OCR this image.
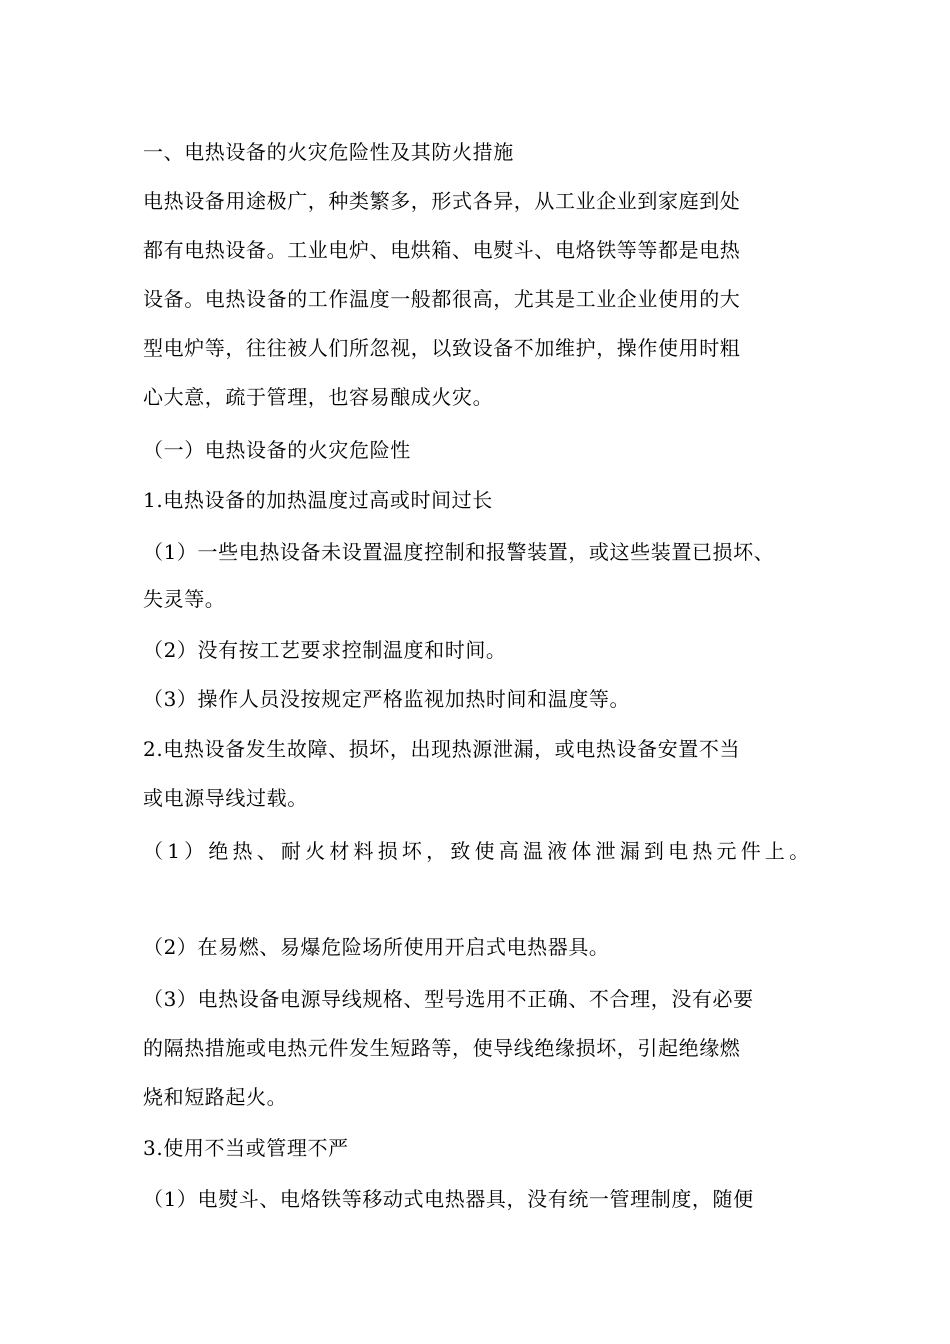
一、电热设备的火灾危险性及其防火措施
电热设备用途极广，种类繁多，形式各异，从工业企业到家庭到处
都有电热设备。工业电炉、电烘箱、电熨斗、电烙铁等等都是电热
设备。电热设备的工作温度一般都很高，尤其是工业企业使用的大
型电炉等，往往被人们所忽视，以致设备不加维护，操作使用时粗
心大意，疏于管理，也容易酿成火灾。
（一）电热设备的火灾危险性
1.电热设备的加热温度过高或时间过长
（1）一些电热设备未设置温度控制和报警装置，或这些装置已损坏、
失灵等。
（2）没有按工艺要求控制温度和时间。
（3）操作人员没按规定严格监视加热时间和温度等。
2.电热设备发生故障、损坏，出现热源泄漏，或电热设备安置不当
或电源导线过载。
（1）绝热、耐火材料损坏，致使高温液体泄漏到电热元件上。
（2）在易燃、易爆危险场所使用开启式电热器具。
（3）电热设备电源导线规格、型号选用不正确、不合理，没有必要
的隔热措施或电热元件发生短路等，使导线绝缘损坏，引起绝缘燃
烧和短路起火。
3.使用不当或管理不严
（1）电熨斗、电烙铁等移动式电热器具，没有统一管理制度，随便
